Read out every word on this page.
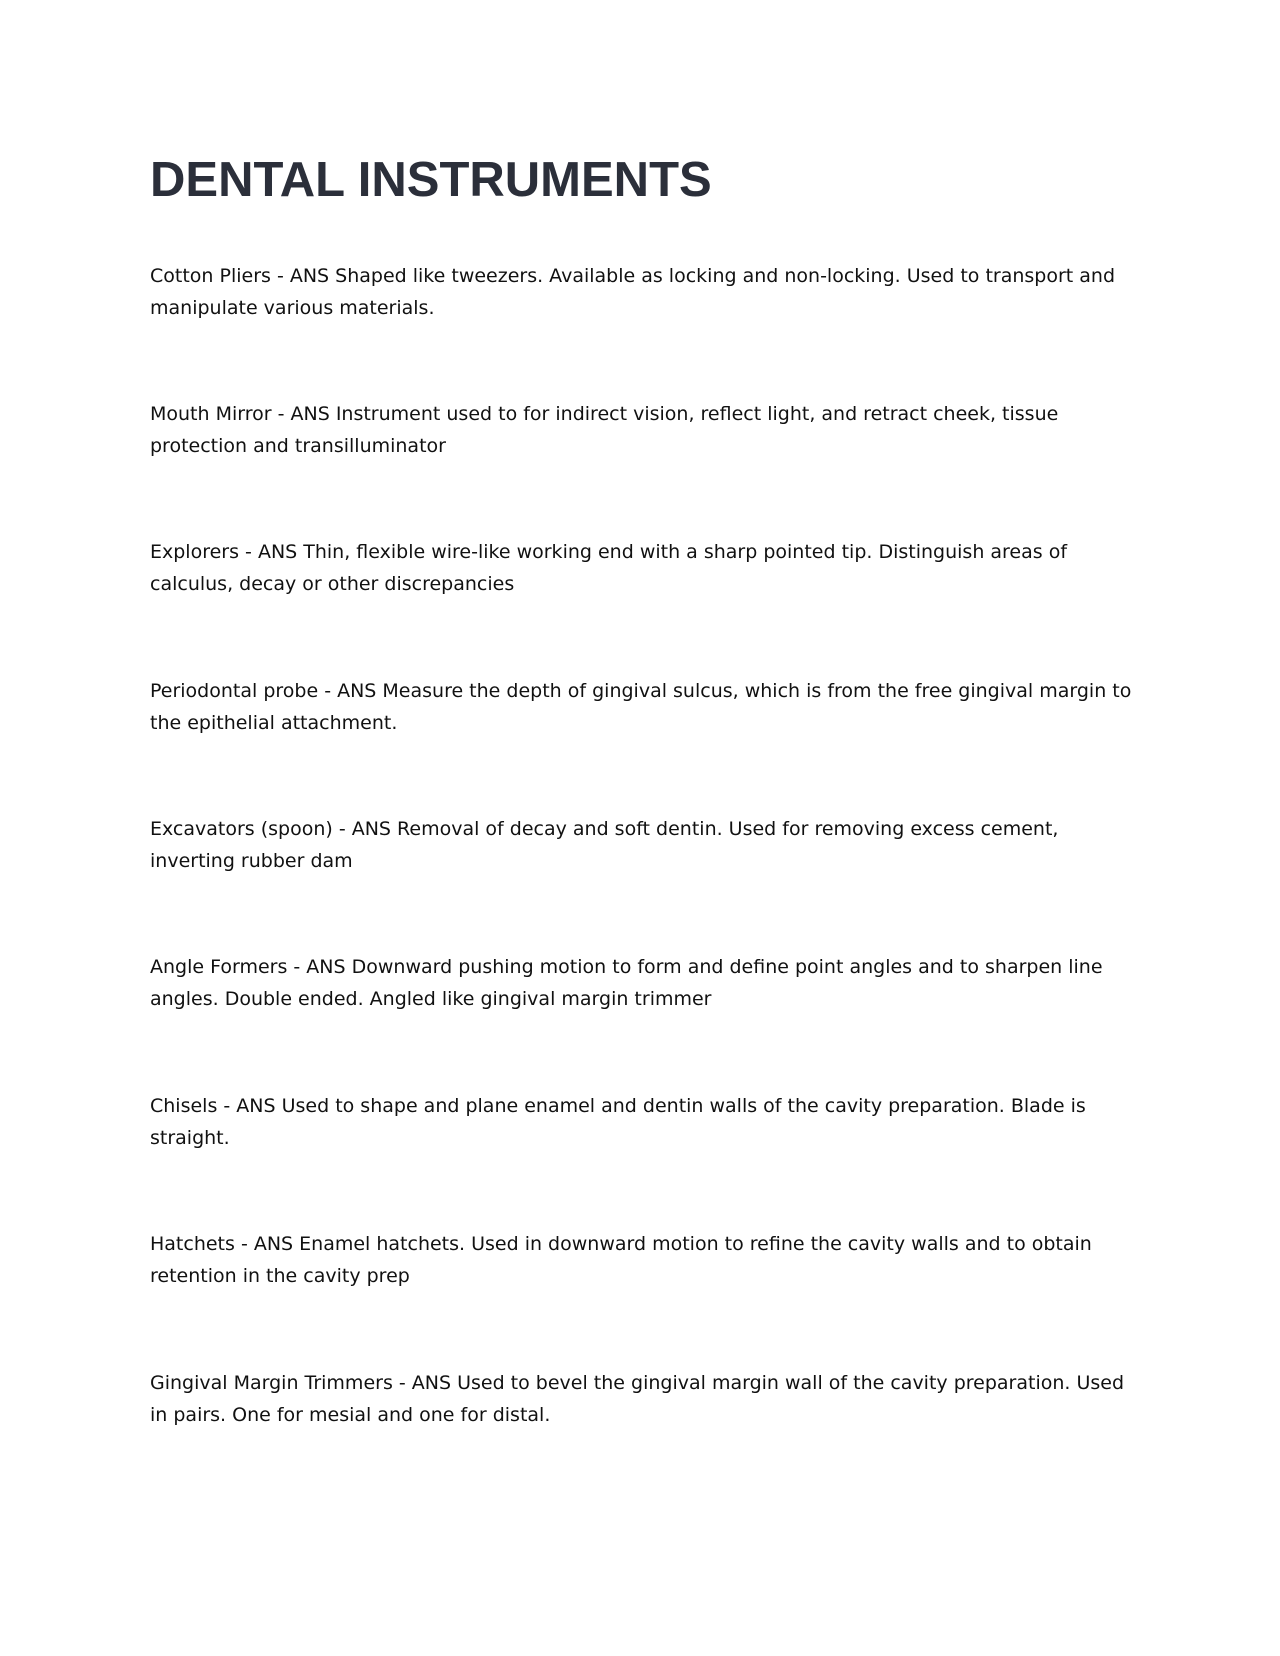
DENTAL INSTRUMENTS

Cotton Pliers - ANS Shaped like tweezers. Available as locking and non-locking. Used to transport and manipulate various materials.

Mouth Mirror - ANS Instrument used to for indirect vision, reflect light, and retract cheek, tissue protection and transilluminator

Explorers - ANS Thin, flexible wire-like working end with a sharp pointed tip. Distinguish areas of calculus, decay or other discrepancies

Periodontal probe - ANS Measure the depth of gingival sulcus, which is from the free gingival margin to the epithelial attachment.

Excavators (spoon) - ANS Removal of decay and soft dentin. Used for removing excess cement, inverting rubber dam

Angle Formers - ANS Downward pushing motion to form and define point angles and to sharpen line angles. Double ended. Angled like gingival margin trimmer

Chisels - ANS Used to shape and plane enamel and dentin walls of the cavity preparation. Blade is straight.

Hatchets - ANS Enamel hatchets. Used in downward motion to refine the cavity walls and to obtain retention in the cavity prep

Gingival Margin Trimmers - ANS Used to bevel the gingival margin wall of the cavity preparation. Used in pairs. One for mesial and one for distal.
